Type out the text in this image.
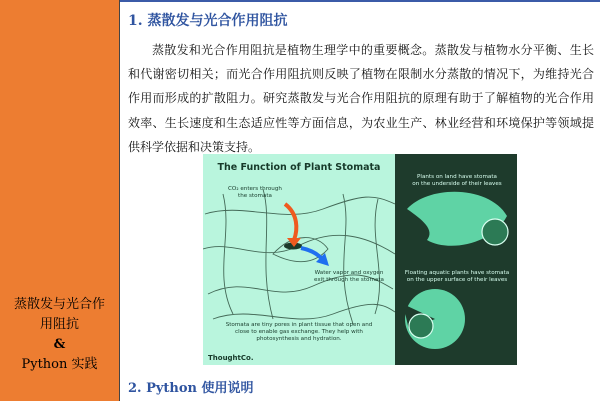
蒸散发与光合作
用阻抗
&
Python 实践
1. 蒸散发与光合作用阻抗
蒸散发和光合作用阻抗是植物生理学中的重要概念。蒸散发与植物水分平衡、生长和代谢密切相关；而光合作用阻抗则反映了植物在限制水分蒸散的情况下，为维持光合作用而形成的扩散阻力。研究蒸散发与光合作用阻抗的原理有助于了解植物的光合作用效率、生长速度和生态适应性等方面信息，为农业生产、林业经营和环境保护等领域提供科学依据和决策支持。
The Function of Plant Stomata
CO₂ enters through
the stomata
Water vapor and oxygen
exit through the stomata
Stomata are tiny pores in plant tissue that open and
close to enable gas exchange. They help with
photosynthesis and hydration.
ThoughtCo.
Plants on land have stomata
on the underside of their leaves
Floating aquatic plants have stomata
on the upper surface of their leaves
2. Python 使用说明
